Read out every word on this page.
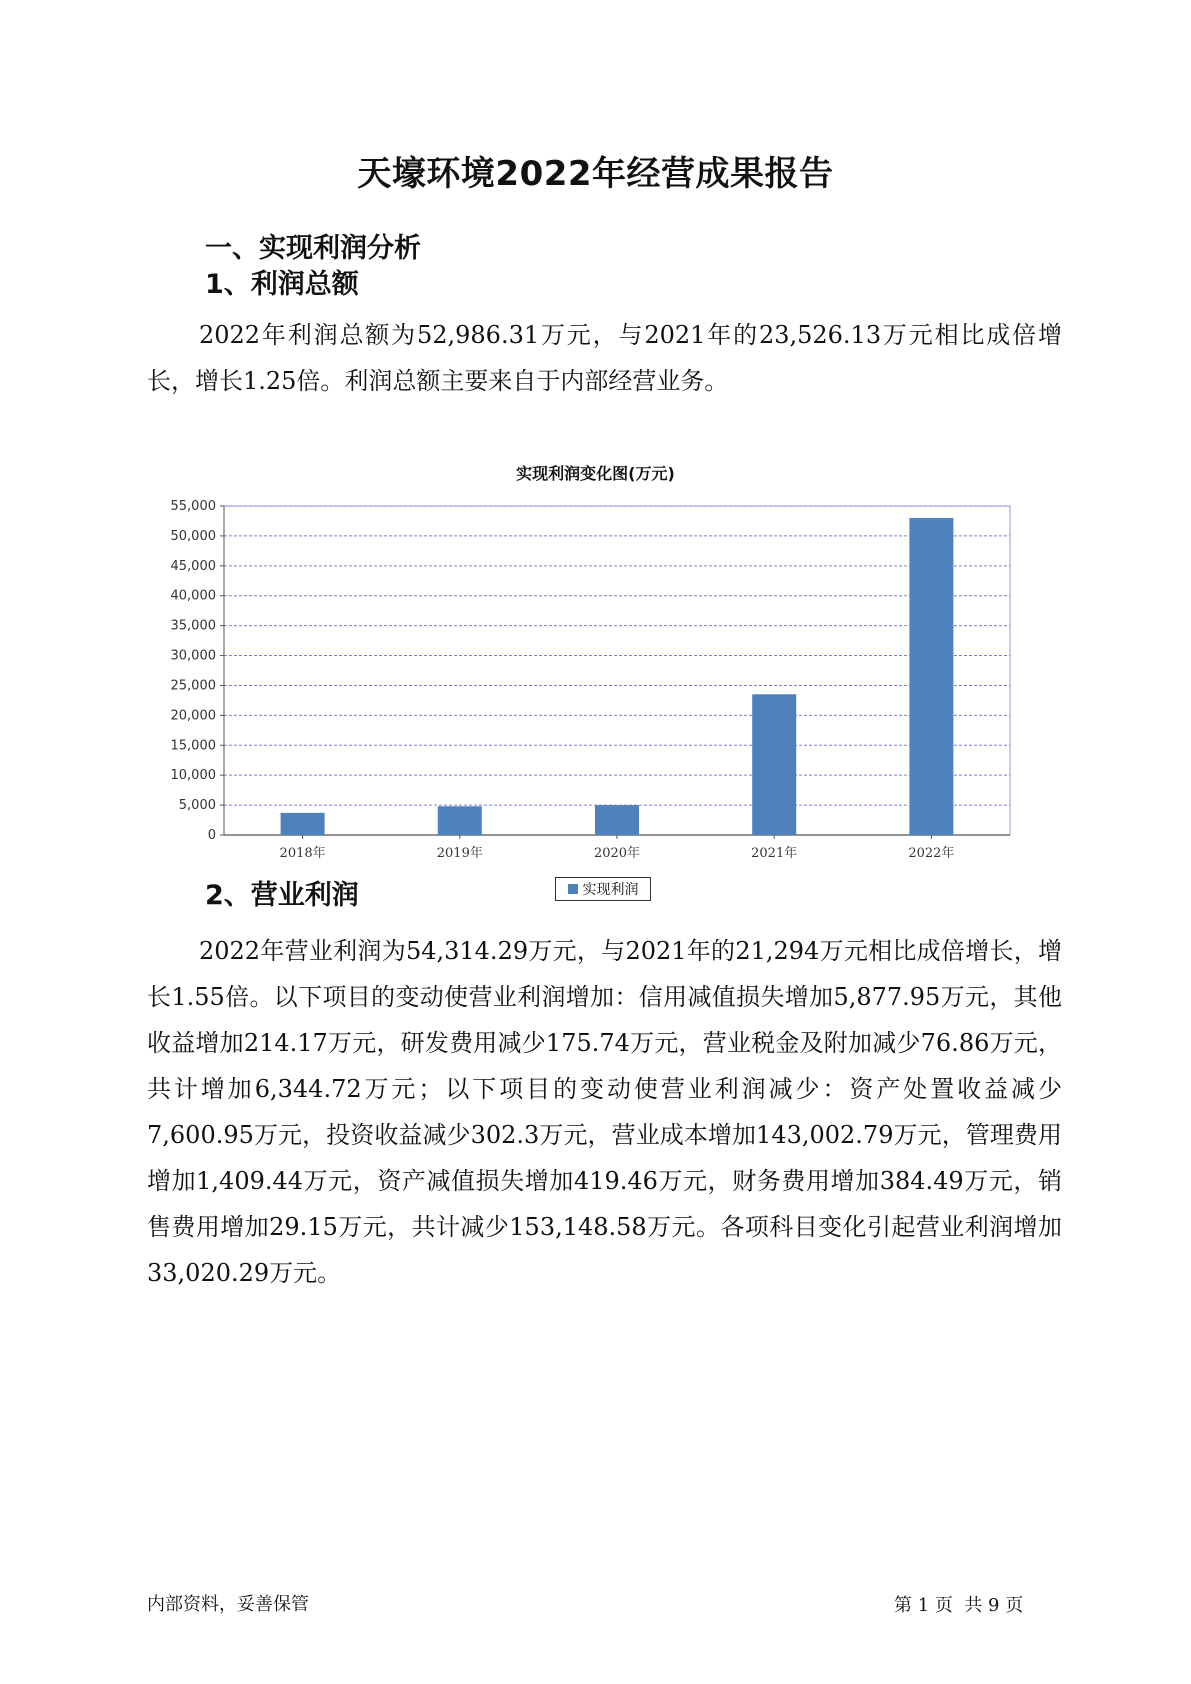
天壕环境2022年经营成果报告
一、实现利润分析
1、利润总额

2022年利润总额为52,986.31万元，与2021年的23,526.13万元相比成倍增长，增长1.25倍。利润总额主要来自于内部经营业务。

实现利润变化图(万元)
0
5,000
10,000
15,000
20,000
25,000
30,000
35,000
40,000
45,000
50,000
55,000
2018年	2019年	2020年	2021年	2022年
实现利润
2、营业利润

2022年营业利润为54,314.29万元，与2021年的21,294万元相比成倍增长，增长1.55倍。以下项目的变动使营业利润增加：信用减值损失增加5,877.95万元，其他收益增加214.17万元，研发费用减少175.74万元，营业税金及附加减少76.86万元，共计增加6,344.72万元；以下项目的变动使营业利润减少：资产处置收益减少7,600.95万元，投资收益减少302.3万元，营业成本增加143,002.79万元，管理费用增加1,409.44万元，资产减值损失增加419.46万元，财务费用增加384.49万元，销售费用增加29.15万元，共计减少153,148.58万元。各项科目变化引起营业利润增加33,020.29万元。

内部资料，妥善保管	第 1 页  共 9 页
